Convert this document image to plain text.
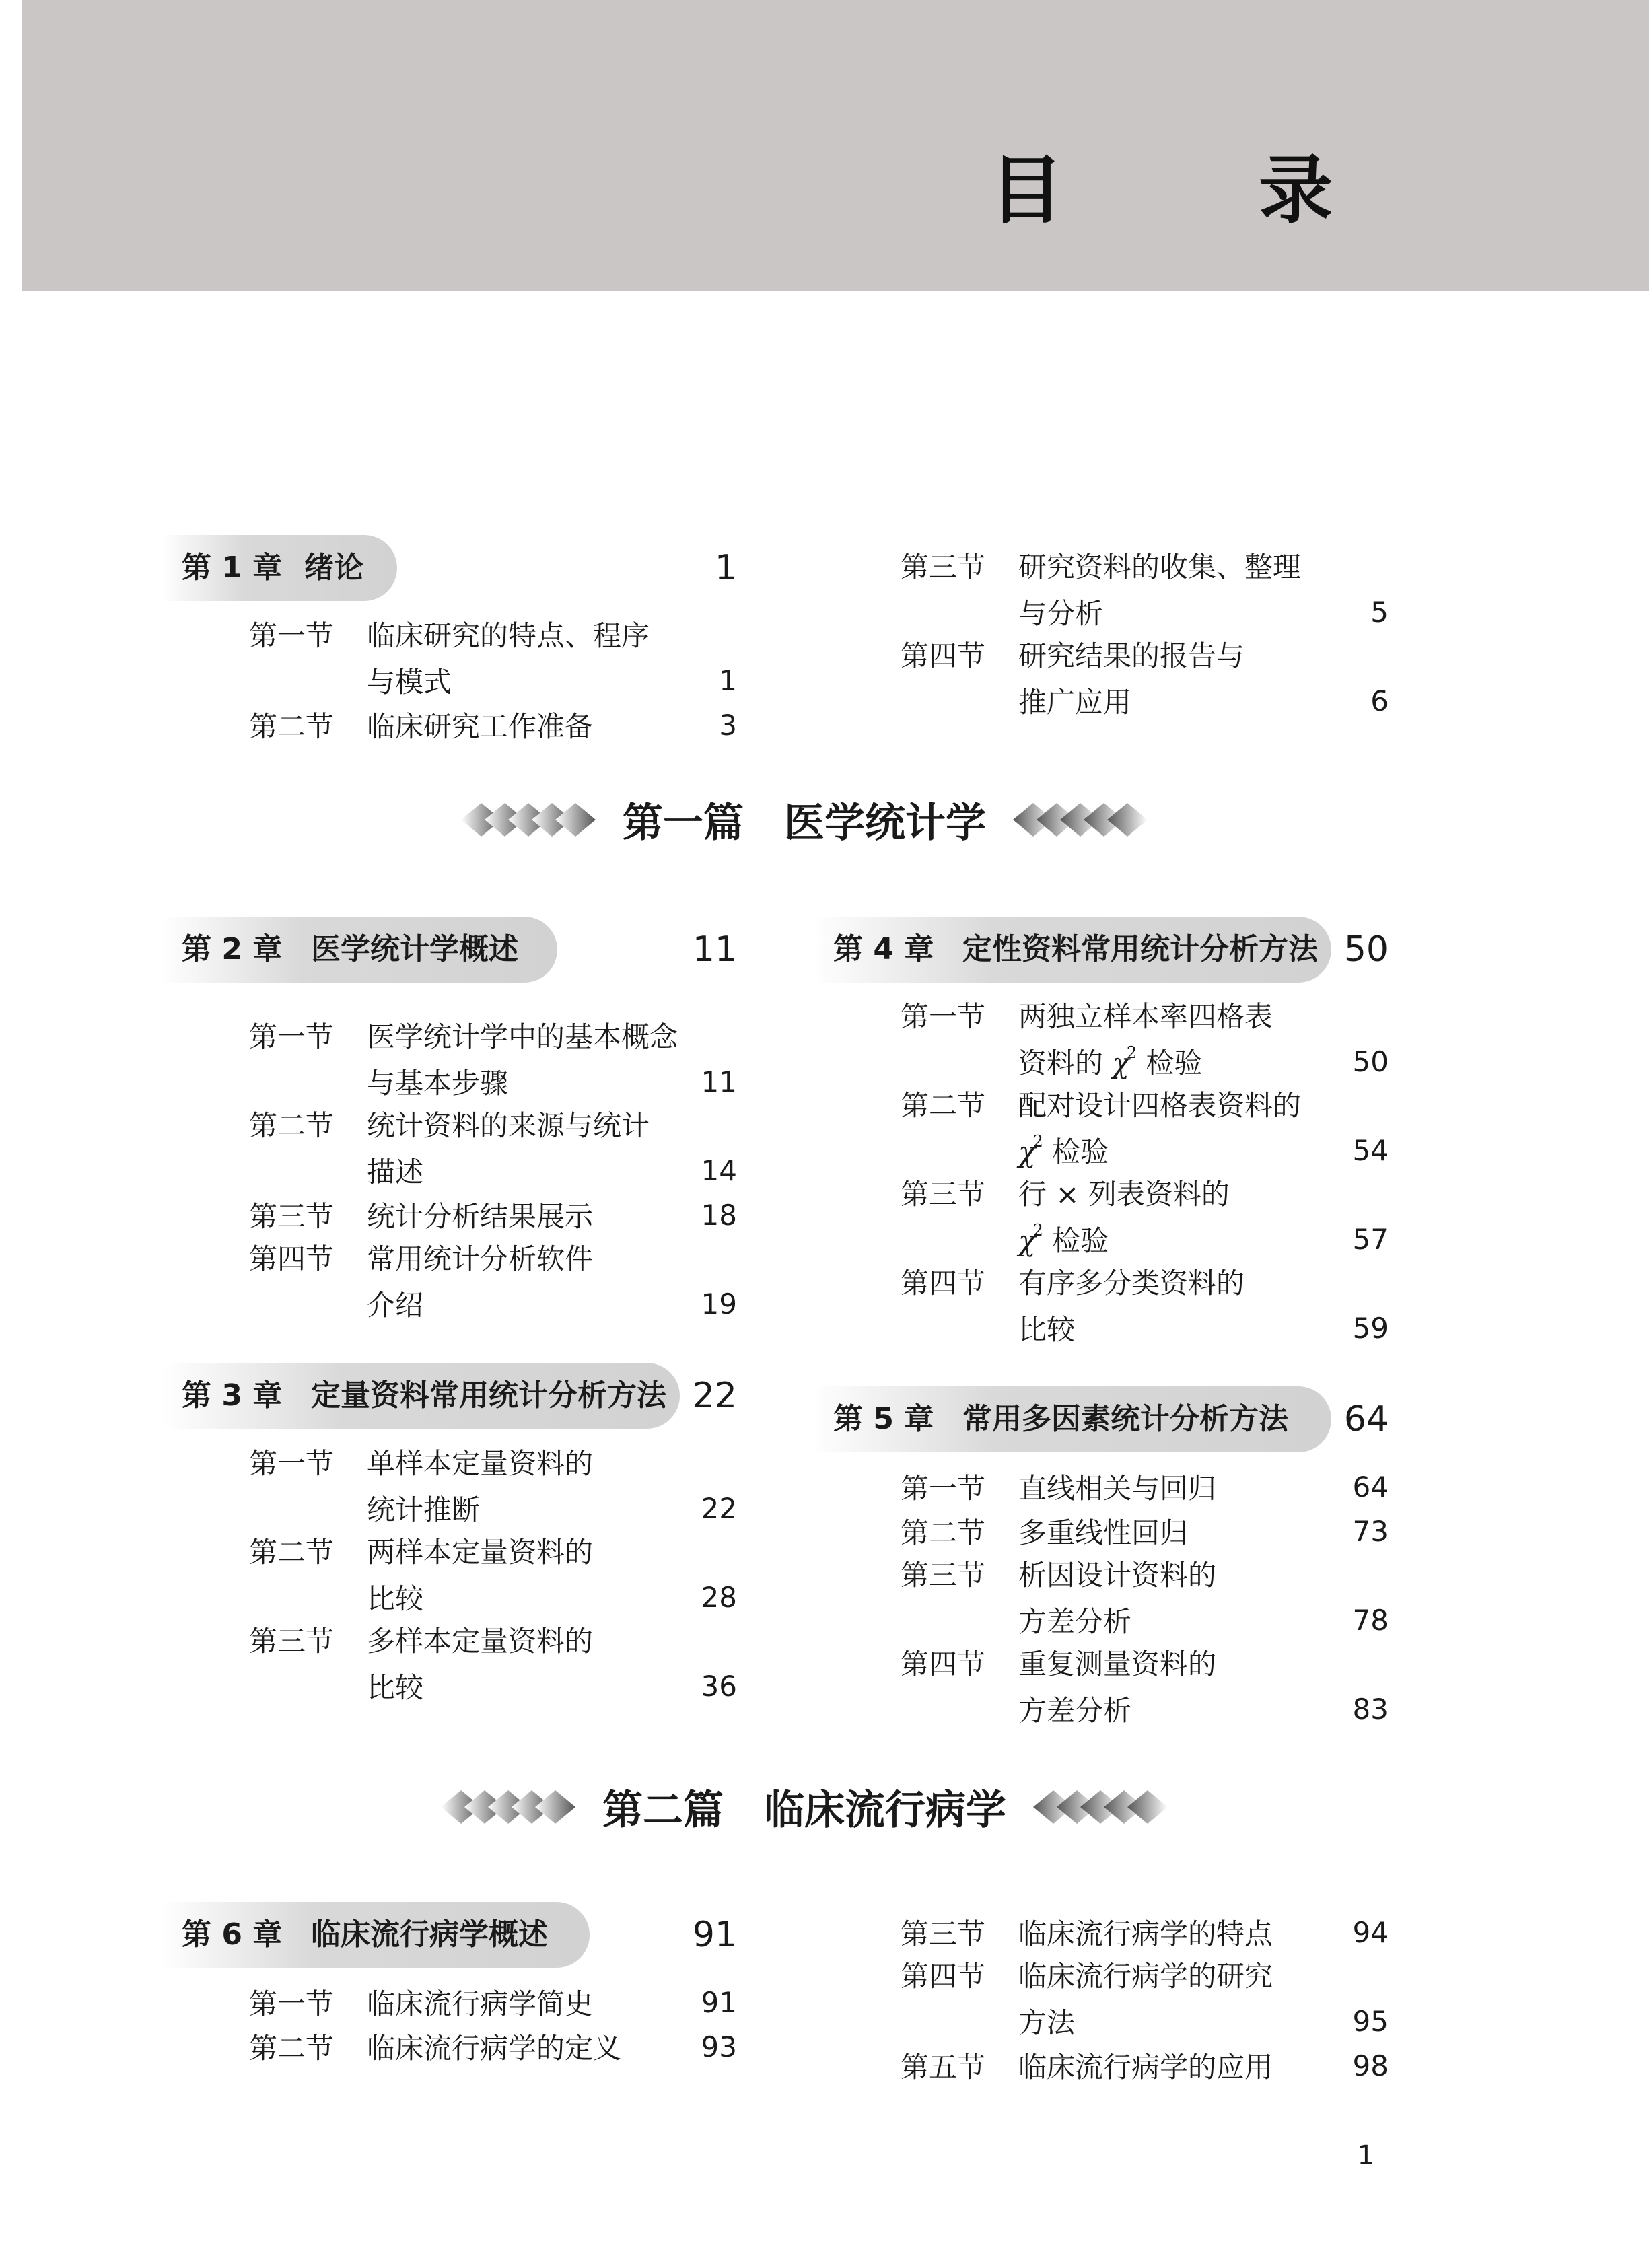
目　录
第 1 章 绪论	1
第一节 临床研究的特点、程序
与模式	1
第二节	临床研究工作准备	3
第三节 研究资料的收集、整理
与分析	5
第四节 研究结果的报告与
推广应用	6
第一篇　医学统计学
第 2 章 医学统计学概述	11
第一节 医学统计学中的基本概念
与基本步骤	11
第二节 统计资料的来源与统计
描述	14
第三节	统计分析结果展示	18
第四节 常用统计分析软件
介绍	19
第 3 章 定量资料常用统计分析方法 22
第一节 单样本定量资料的
统计推断	22
第二节 两样本定量资料的
比较	28
第三节 多样本定量资料的
比较	36
第 4 章 定性资料常用统计分析方法 50
第一节 两独立样本率四格表
资料的 $\chi^2$ 检验	50
第二节 配对设计四格表资料的
$\chi^2$ 检验	54
第三节 行 × 列表资料的
$\chi^2$ 检验	57
第四节 有序多分类资料的
比较	59
第 5 章 常用多因素统计分析方法 64
第一节	直线相关与回归	64
第二节	多重线性回归	73
第三节 析因设计资料的
方差分析	78
第四节 重复测量资料的
方差分析	83
第二篇　临床流行病学
第 6 章 临床流行病学概述	91
第一节	临床流行病学简史	91
第二节	临床流行病学的定义	93
第三节	临床流行病学的特点	94
第四节 临床流行病学的研究
方法	95
第五节	临床流行病学的应用	98
1
